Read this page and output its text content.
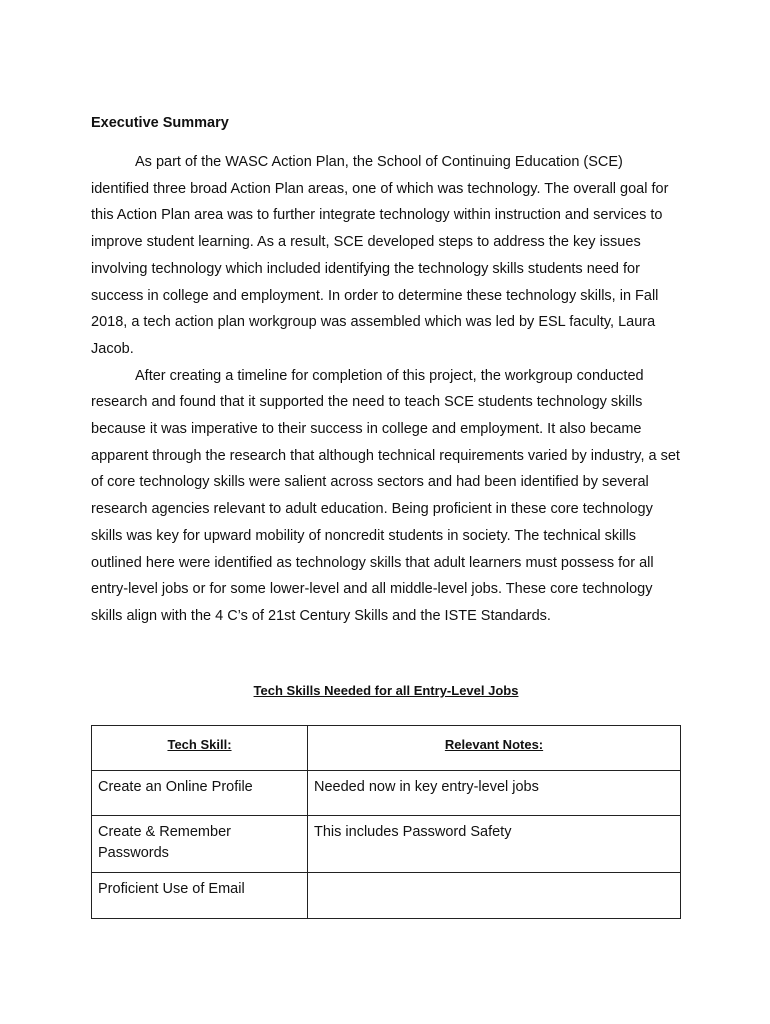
Executive Summary

As part of the WASC Action Plan, the School of Continuing Education (SCE) identified three broad Action Plan areas, one of which was technology. The overall goal for this Action Plan area was to further integrate technology within instruction and services to improve student learning. As a result, SCE developed steps to address the key issues involving technology which included identifying the technology skills students need for success in college and employment. In order to determine these technology skills, in Fall 2018, a tech action plan workgroup was assembled which was led by ESL faculty, Laura Jacob.

After creating a timeline for completion of this project, the workgroup conducted research and found that it supported the need to teach SCE students technology skills because it was imperative to their success in college and employment. It also became apparent through the research that although technical requirements varied by industry, a set of core technology skills were salient across sectors and had been identified by several research agencies relevant to adult education. Being proficient in these core technology skills was key for upward mobility of noncredit students in society. The technical skills outlined here were identified as technology skills that adult learners must possess for all entry-level jobs or for some lower-level and all middle-level jobs. These core technology skills align with the 4 C’s of 21st Century Skills and the ISTE Standards.

Tech Skills Needed for all Entry-Level Jobs
Tech Skill:	Relevant Notes:
Create an Online Profile	Needed now in key entry-level jobs
Create & Remember Passwords	This includes Password Safety
Proficient Use of Email	
